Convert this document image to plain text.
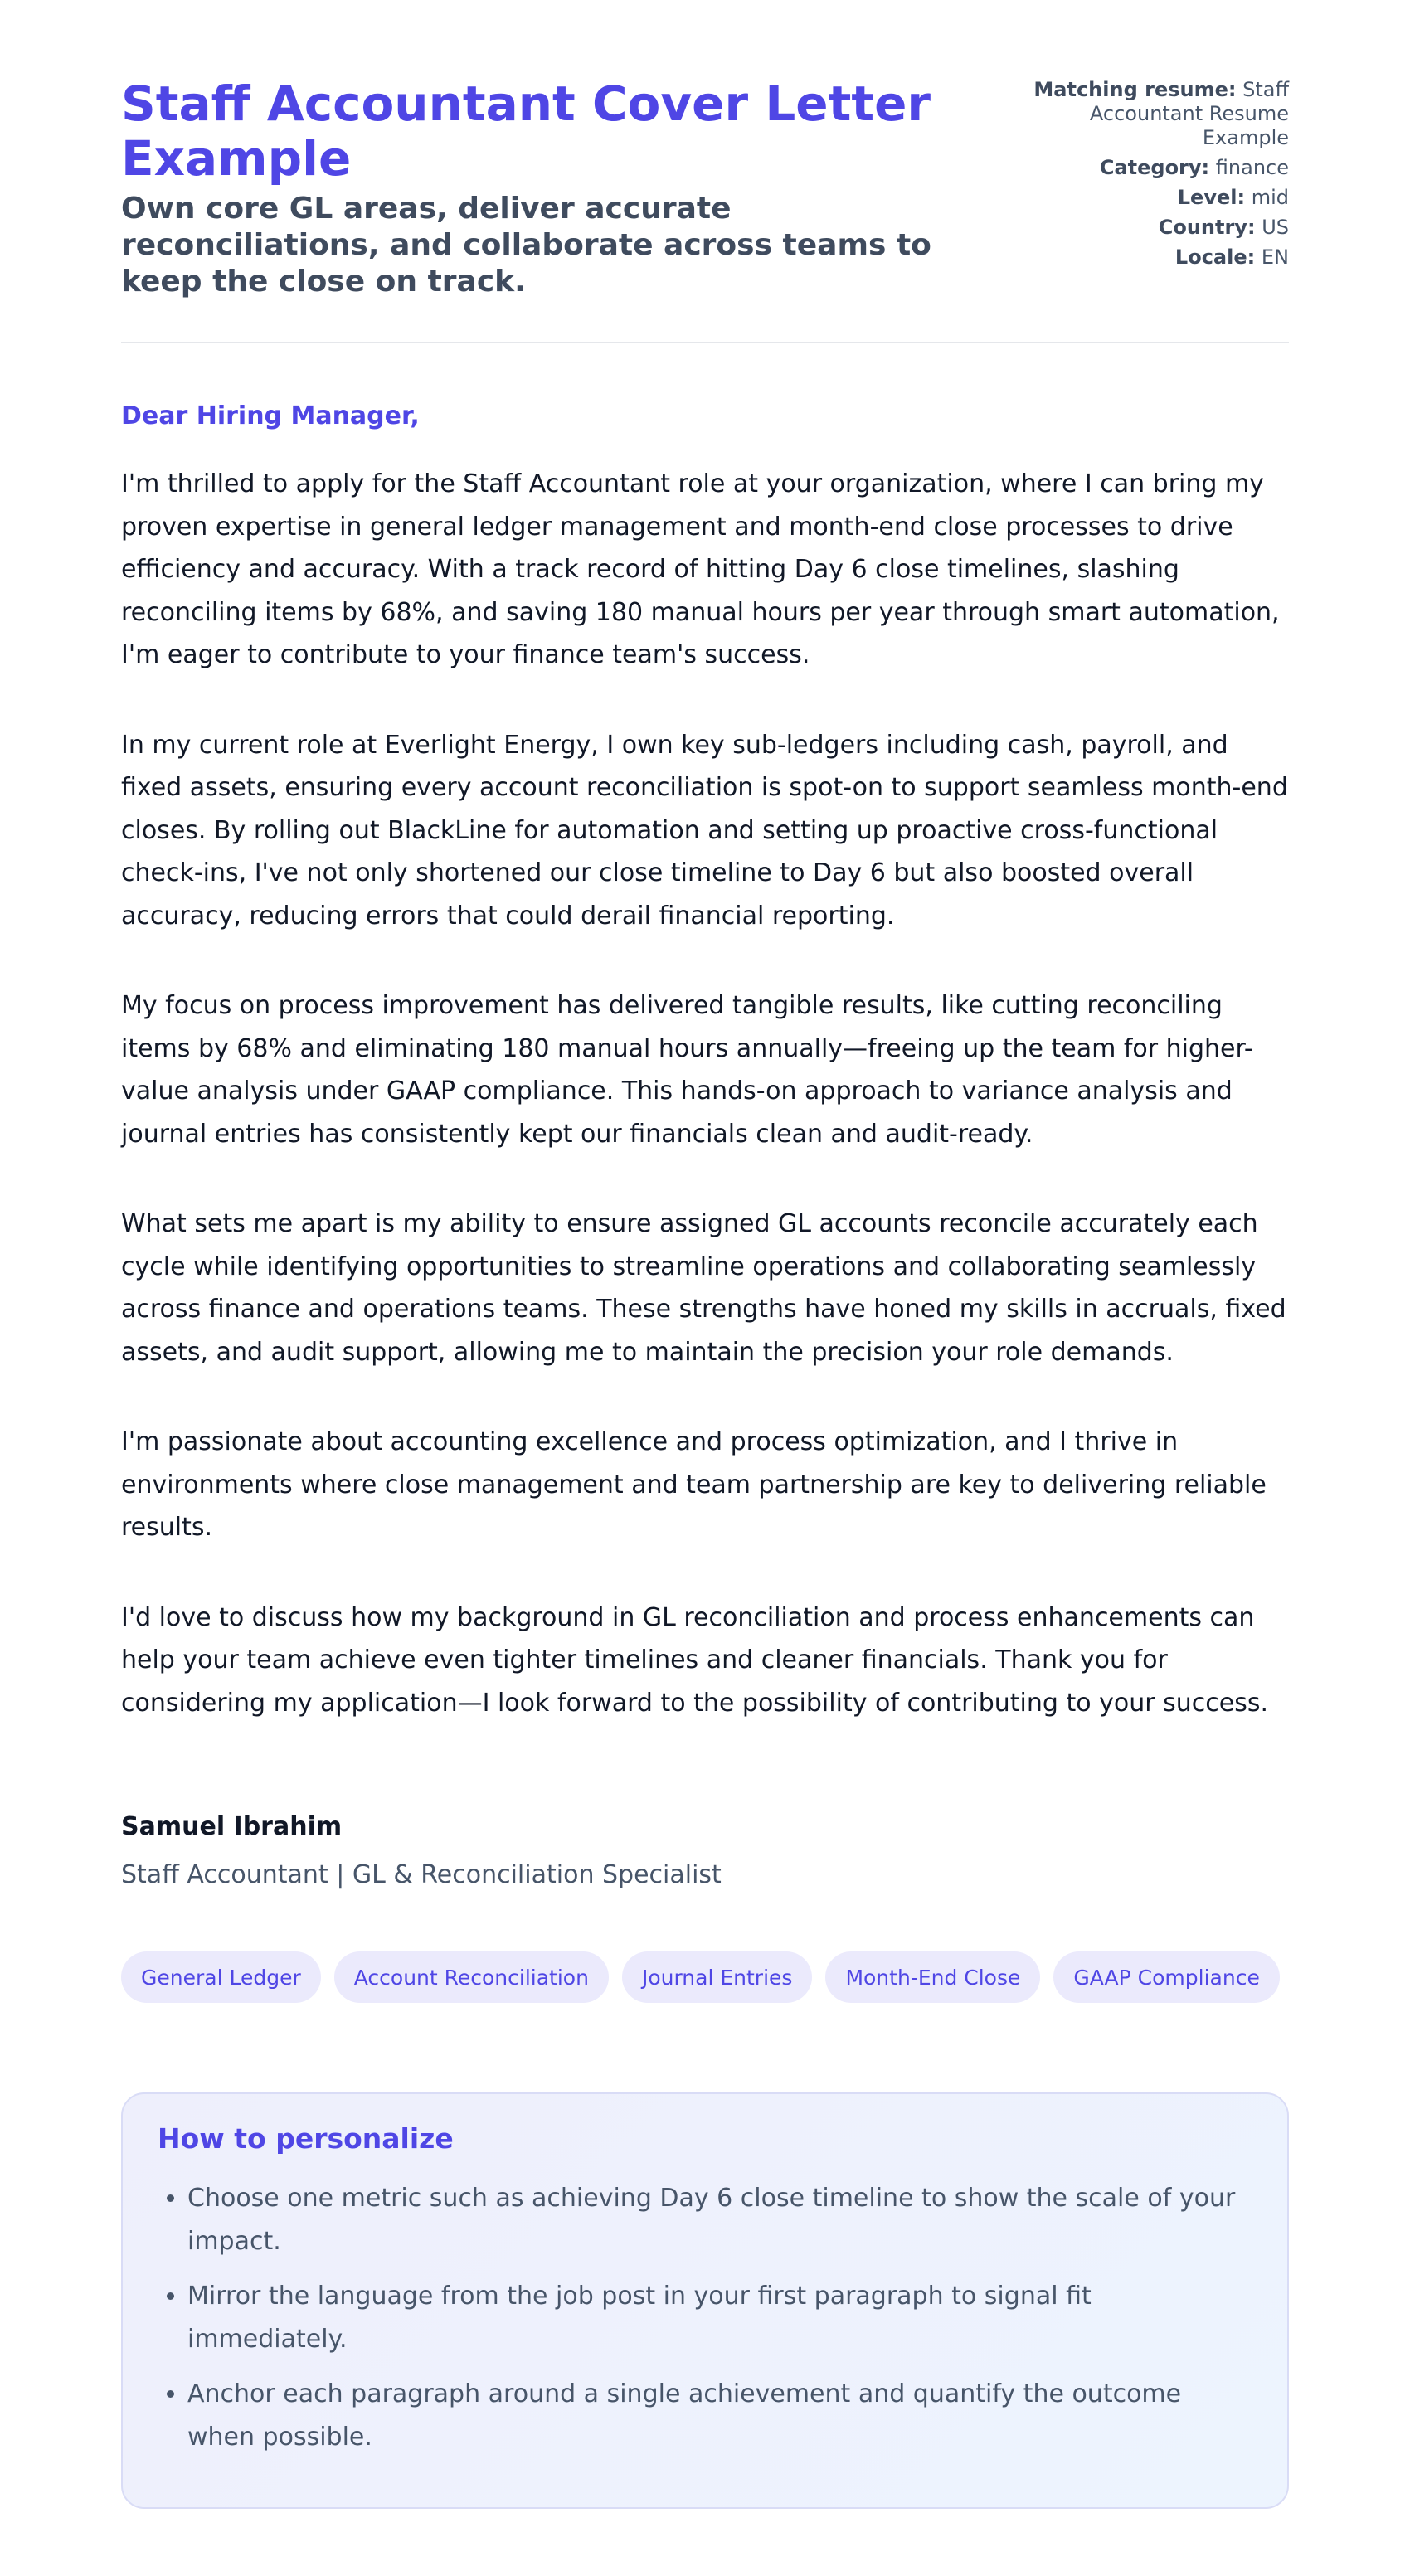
Staff Accountant Cover Letter Example
Own core GL areas, deliver accurate reconciliations, and collaborate across teams to keep the close on track.
Matching resume: Staff Accountant Resume Example
Category: finance
Level: mid
Country: US
Locale: EN

Dear Hiring Manager,

I'm thrilled to apply for the Staff Accountant role at your organization, where I can bring my proven expertise in general ledger management and month-end close processes to drive efficiency and accuracy. With a track record of hitting Day 6 close timelines, slashing reconciling items by 68%, and saving 180 manual hours per year through smart automation, I'm eager to contribute to your finance team's success.

In my current role at Everlight Energy, I own key sub-ledgers including cash, payroll, and fixed assets, ensuring every account reconciliation is spot-on to support seamless month-end closes. By rolling out BlackLine for automation and setting up proactive cross-functional check-ins, I've not only shortened our close timeline to Day 6 but also boosted overall accuracy, reducing errors that could derail financial reporting.

My focus on process improvement has delivered tangible results, like cutting reconciling items by 68% and eliminating 180 manual hours annually—freeing up the team for higher-value analysis under GAAP compliance. This hands-on approach to variance analysis and journal entries has consistently kept our financials clean and audit-ready.

What sets me apart is my ability to ensure assigned GL accounts reconcile accurately each cycle while identifying opportunities to streamline operations and collaborating seamlessly across finance and operations teams. These strengths have honed my skills in accruals, fixed assets, and audit support, allowing me to maintain the precision your role demands.

I'm passionate about accounting excellence and process optimization, and I thrive in environments where close management and team partnership are key to delivering reliable results.

I'd love to discuss how my background in GL reconciliation and process enhancements can help your team achieve even tighter timelines and cleaner financials. Thank you for considering my application—I look forward to the possibility of contributing to your success.

Samuel Ibrahim
Staff Accountant | GL & Reconciliation Specialist
General Ledger	Account Reconciliation	Journal Entries	Month-End Close	GAAP Compliance
How to personalize
• Choose one metric such as achieving Day 6 close timeline to show the scale of your impact.
• Mirror the language from the job post in your first paragraph to signal fit immediately.
• Anchor each paragraph around a single achievement and quantify the outcome when possible.
